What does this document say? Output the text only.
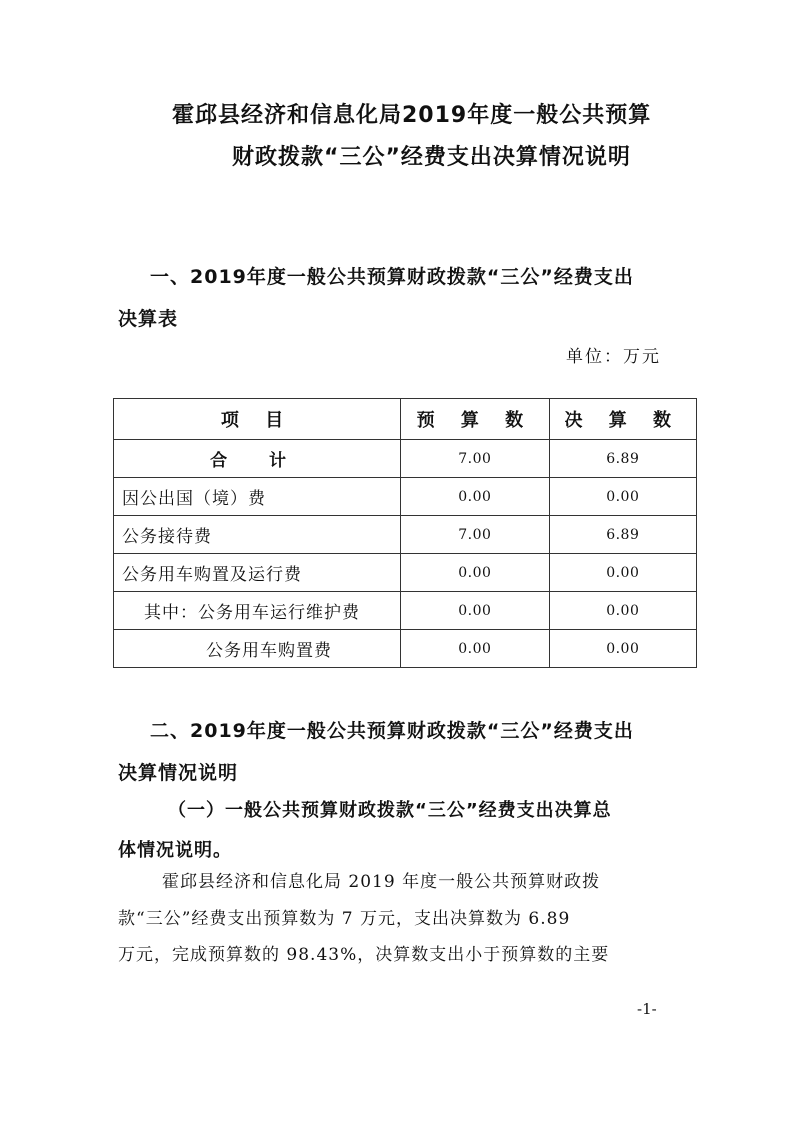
霍邱县经济和信息化局2019年度一般公共预算
财政拨款“三公”经费支出决算情况说明
一、2019年度一般公共预算财政拨款“三公”经费支出
决算表
单位：万元
项 目	预 算 数	决 算 数
合 计	7.00	6.89
因公出国（境）费	0.00	0.00
公务接待费	7.00	6.89
公务用车购置及运行费	0.00	0.00
其中：公务用车运行维护费	0.00	0.00
公务用车购置费	0.00	0.00
二、2019年度一般公共预算财政拨款“三公”经费支出
决算情况说明
（一）一般公共预算财政拨款“三公”经费支出决算总
体情况说明。
霍邱县经济和信息化局 2019 年度一般公共预算财政拨
款“三公”经费支出预算数为 7 万元，支出决算数为 6.89
万元，完成预算数的 98.43%，决算数支出小于预算数的主要
-1-
